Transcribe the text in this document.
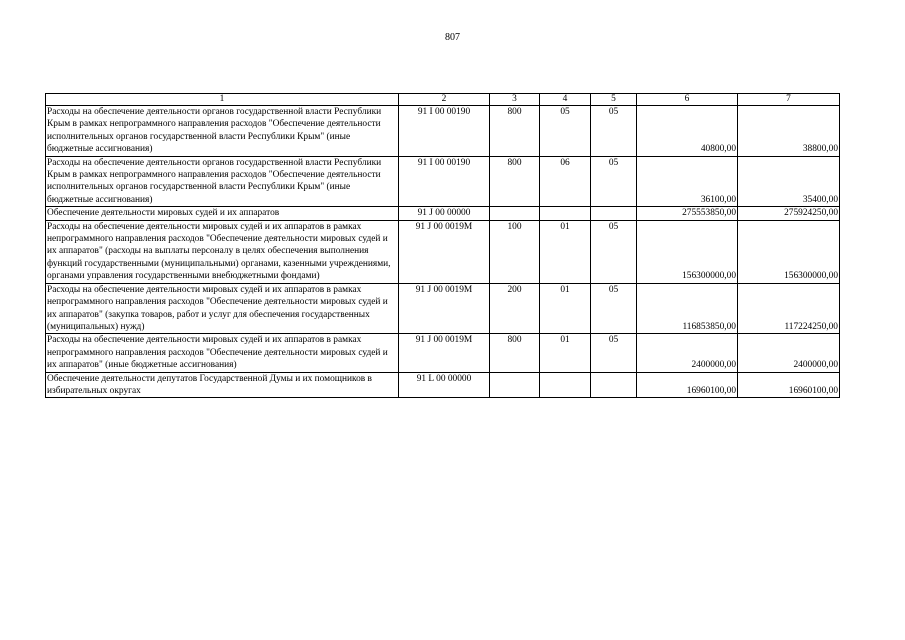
807
1	2	3	4	5	6	7
Расходы на обеспечение деятельности органов государственной власти Республики Крым в рамках непрограммного направления расходов "Обеспечение деятельности исполнительных органов государственной власти Республики Крым" (иные бюджетные ассигнования)	91 I 00 00190	800	05	05	40800,00	38800,00
Расходы на обеспечение деятельности органов государственной власти Республики Крым в рамках непрограммного направления расходов "Обеспечение деятельности исполнительных органов государственной власти Республики Крым" (иные бюджетные ассигнования)	91 I 00 00190	800	06	05	36100,00	35400,00
Обеспечение деятельности мировых судей и их аппаратов	91 J 00 00000				275553850,00	275924250,00
Расходы на обеспечение деятельности мировых судей и их аппаратов в рамках непрограммного направления расходов "Обеспечение деятельности мировых судей и их аппаратов" (расходы на выплаты персоналу в целях обеспечения выполнения функций государственными (муниципальными) органами, казенными учреждениями, органами управления государственными внебюджетными фондами)	91 J 00 0019М	100	01	05	156300000,00	156300000,00
Расходы на обеспечение деятельности мировых судей и их аппаратов в рамках непрограммного направления расходов "Обеспечение деятельности мировых судей и их аппаратов" (закупка товаров, работ и услуг для обеспечения государственных (муниципальных) нужд)	91 J 00 0019М	200	01	05	116853850,00	117224250,00
Расходы на обеспечение деятельности мировых судей и их аппаратов в рамках непрограммного направления расходов "Обеспечение деятельности мировых судей и их аппаратов" (иные бюджетные ассигнования)	91 J 00 0019М	800	01	05	2400000,00	2400000,00
Обеспечение деятельности депутатов Государственной Думы и их помощников в избирательных округах	91 L 00 00000				16960100,00	16960100,00
